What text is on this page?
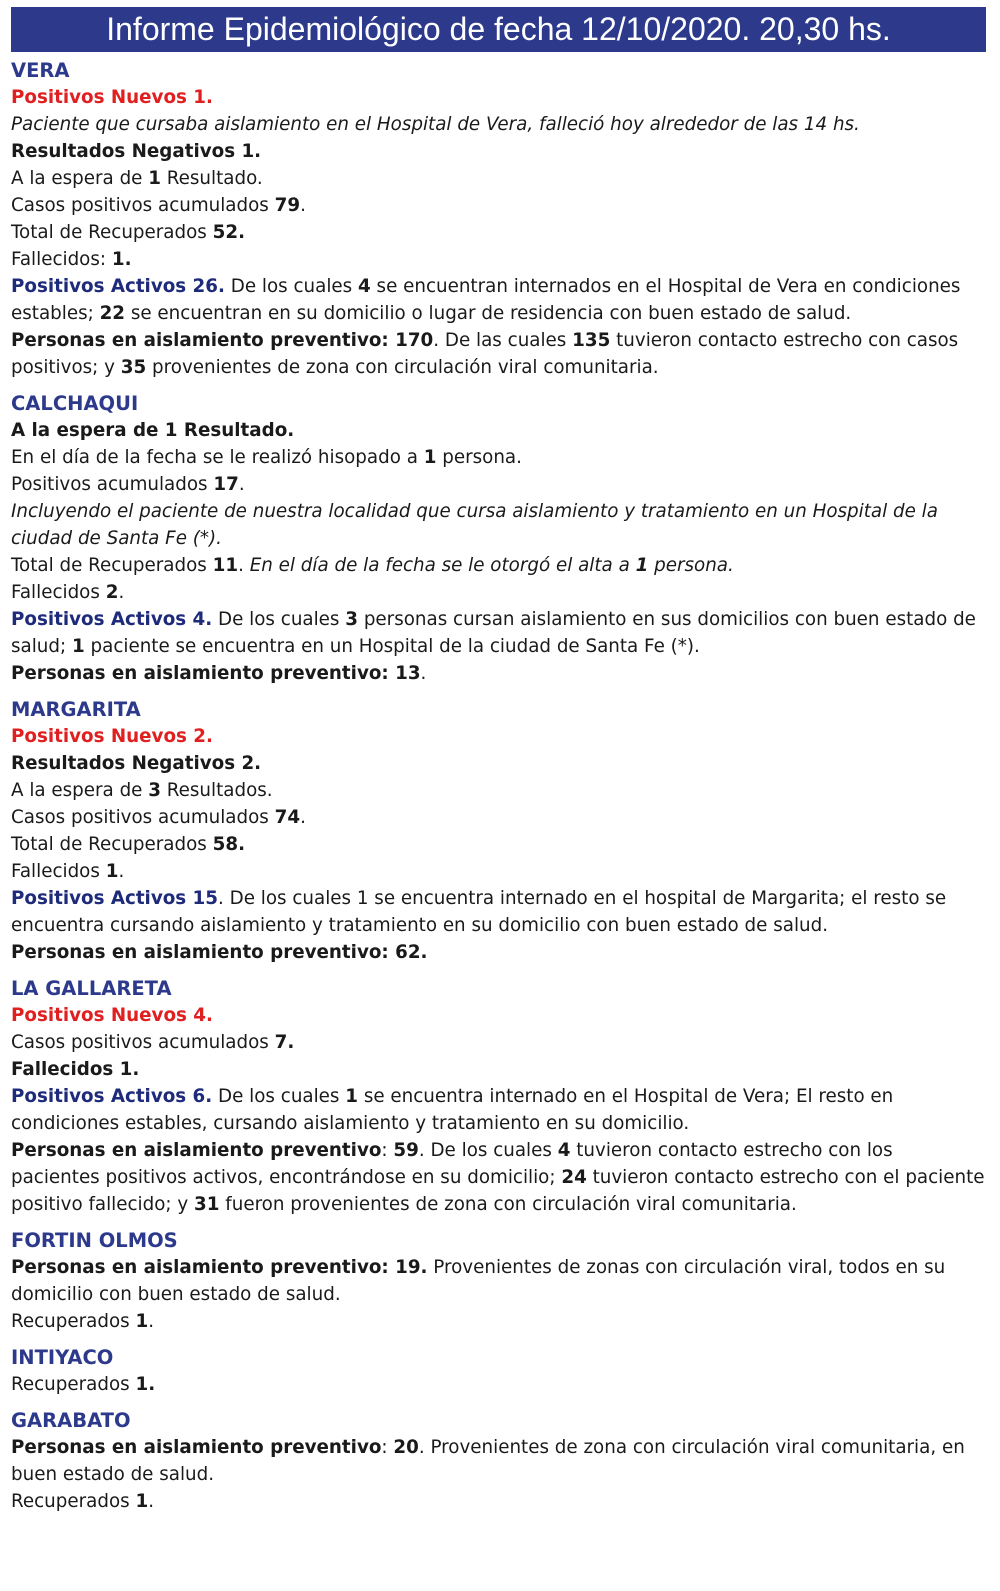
Informe Epidemiológico de fecha 12/10/2020. 20,30 hs.
VERA
Positivos Nuevos 1.
Paciente que cursaba aislamiento en el Hospital de Vera, falleció hoy alrededor de las 14 hs.
Resultados Negativos 1.
A la espera de 1 Resultado.
Casos positivos acumulados 79.
Total de Recuperados 52.
Fallecidos: 1.
Positivos Activos 26. De los cuales 4 se encuentran internados en el Hospital de Vera en condiciones estables; 22 se encuentran en su domicilio o lugar de residencia con buen estado de salud.
Personas en aislamiento preventivo: 170. De las cuales 135 tuvieron contacto estrecho con casos positivos; y 35 provenientes de zona con circulación viral comunitaria.
CALCHAQUI
A la espera de 1 Resultado.
En el día de la fecha se le realizó hisopado a 1 persona.
Positivos acumulados 17.
Incluyendo el paciente de nuestra localidad que cursa aislamiento y tratamiento en un Hospital de la ciudad de Santa Fe (*).
Total de Recuperados 11. En el día de la fecha se le otorgó el alta a 1 persona.
Fallecidos 2.
Positivos Activos 4. De los cuales 3 personas cursan aislamiento en sus domicilios con buen estado de salud; 1 paciente se encuentra en un Hospital de la ciudad de Santa Fe (*).
Personas en aislamiento preventivo: 13.
MARGARITA
Positivos Nuevos 2.
Resultados Negativos 2.
A la espera de 3 Resultados.
Casos positivos acumulados 74.
Total de Recuperados 58.
Fallecidos 1.
Positivos Activos 15. De los cuales 1 se encuentra internado en el hospital de Margarita; el resto se encuentra cursando aislamiento y tratamiento en su domicilio con buen estado de salud.
Personas en aislamiento preventivo: 62.
LA GALLARETA
Positivos Nuevos 4.
Casos positivos acumulados 7.
Fallecidos 1.
Positivos Activos 6. De los cuales 1 se encuentra internado en el Hospital de Vera; El resto en condiciones estables, cursando aislamiento y tratamiento en su domicilio.
Personas en aislamiento preventivo: 59. De los cuales 4 tuvieron contacto estrecho con los pacientes positivos activos, encontrándose en su domicilio; 24 tuvieron contacto estrecho con el paciente positivo fallecido; y 31 fueron provenientes de zona con circulación viral comunitaria.
FORTIN OLMOS
Personas en aislamiento preventivo: 19. Provenientes de zonas con circulación viral, todos en su domicilio con buen estado de salud.
Recuperados 1.
INTIYACO
Recuperados 1.
GARABATO
Personas en aislamiento preventivo: 20. Provenientes de zona con circulación viral comunitaria, en buen estado de salud.
Recuperados 1.
